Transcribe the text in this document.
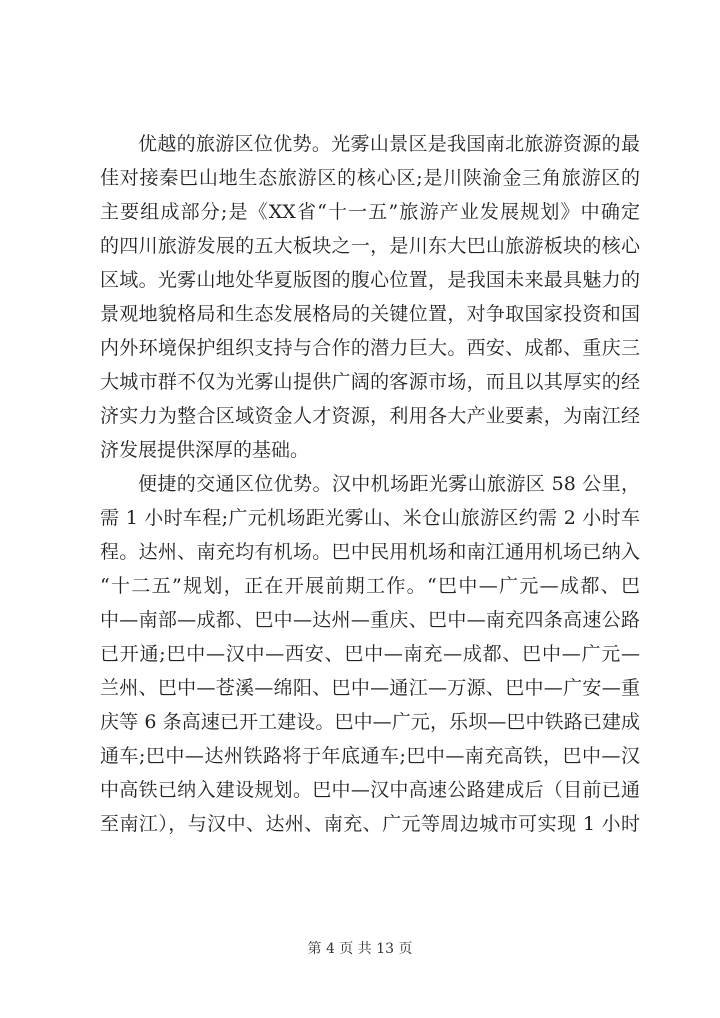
优越的旅游区位优势。光雾山景区是我国南北旅游资源的最
佳对接秦巴山地生态旅游区的核心区;是川陕渝金三角旅游区的
主要组成部分;是《XX省“十一五”旅游产业发展规划》中确定
的四川旅游发展的五大板块之一，是川东大巴山旅游板块的核心
区域。光雾山地处华夏版图的腹心位置，是我国未来最具魅力的
景观地貌格局和生态发展格局的关键位置，对争取国家投资和国
内外环境保护组织支持与合作的潜力巨大。西安、成都、重庆三
大城市群不仅为光雾山提供广阔的客源市场，而且以其厚实的经
济实力为整合区域资金人才资源，利用各大产业要素，为南江经
济发展提供深厚的基础。
便捷的交通区位优势。汉中机场距光雾山旅游区 58 公里，
需 1 小时车程;广元机场距光雾山、米仓山旅游区约需 2 小时车
程。达州、南充均有机场。巴中民用机场和南江通用机场已纳入
“十二五”规划，正在开展前期工作。“巴中—广元—成都、巴
中—南部—成都、巴中—达州—重庆、巴中—南充四条高速公路
已开通;巴中—汉中—西安、巴中—南充—成都、巴中—广元—
兰州、巴中—苍溪—绵阳、巴中—通江—万源、巴中—广安—重
庆等 6 条高速已开工建设。巴中—广元，乐坝—巴中铁路已建成
通车;巴中—达州铁路将于年底通车;巴中—南充高铁，巴中—汉
中高铁已纳入建设规划。巴中—汉中高速公路建成后（目前已通
至南江），与汉中、达州、南充、广元等周边城市可实现 1 小时
第 4 页 共 13 页
